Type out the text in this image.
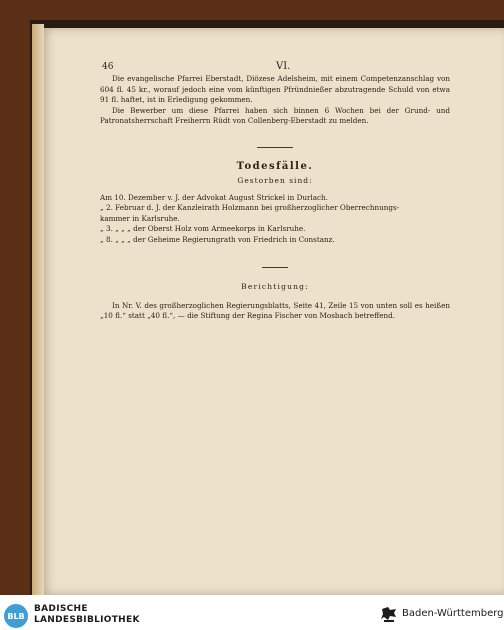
46	VI.

Die evangelische Pfarrei Eberstadt, Diözese Adelsheim, mit einem Competenzanschlag von 604 fl. 45 kr., worauf jedoch eine vom künftigen Pfründnießer abzutragende Schuld von etwa 91 fl. haftet, ist in Erledigung gekommen.

Die Bewerber um diese Pfarrei haben sich binnen 6 Wochen bei der Grund- und Patronatsherrschaft Freiherrn Rüdt von Collenberg-Eberstadt zu melden.

Todesfälle.
Gestorben sind:

Am 10. Dezember v. J. der Advokat August Strickel in Durlach.

„ 2. Februar d. J. der Kanzleirath Holzmann bei großherzoglicher Oberrechnungs-

kammer in Karlsruhe.

„ 3. „ „ „ der Oberst Holz vom Armeekorps in Karlsruhe.

„ 8. „ „ „ der Geheime Regierungrath von Friedrich in Constanz.

Berichtigung:

In Nr. V. des großherzoglichen Regierungsblatts, Seite 41, Zeile 15 von unten soll es heißen „10 fl.“ statt „40 fl.“, — die Stiftung der Regina Fischer von Mosbach betreffend.

BLB
BADISCHE
LANDESBIBLIOTHEK
Baden-Württemberg
